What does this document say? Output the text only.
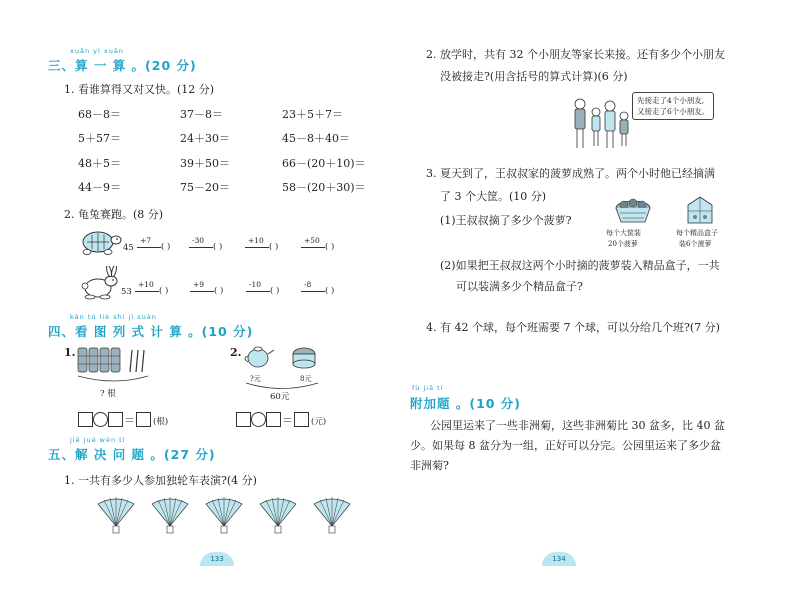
xuān yì xuān
三、算 一 算 。(20 分)
1. 看谁算得又对又快。(12 分)
68－8＝	37－8＝	23＋5＋7＝
5＋57＝	24＋30＝	45－8＋40＝
48＋5＝	39＋50＝	66－(20＋10)＝
44－9＝	75－20＝	58－(20＋30)＝
2. 龟兔赛跑。(8 分)
45
+7
( )
-30
( )
+10
( )
+50
( )
53
+10
( )
+9
( )
-10
( )
-8
( )
kàn tú liè shì jì suàn
四、看 图 列 式 计 算 。(10 分)
1.
? 根
2.
?元	8元
60元
＝ (根)	＝ (元)
jiě jué wèn tí
五、解 决 问 题 。(27 分)
1. 一共有多少人参加独轮车表演?(4 分)
133
2. 放学时，共有 32 个小朋友等家长来接。还有多少个小朋友
没被接走?(用含括号的算式计算)(6 分)
先接走了4个小朋友,
又接走了6个小朋友。
3. 夏天到了，王叔叔家的菠萝成熟了。两个小时他已经摘满
了 3 个大筐。(10 分)
(1)王叔叔摘了多少个菠萝?
每个大筐装
20个菠萝
每个精品盒子
装6个菠萝
(2)如果把王叔叔这两个小时摘的菠萝装入精品盒子，一共
可以装满多少个精品盒子?
4. 有 42 个球，每个班需要 7 个球，可以分给几个班?(7 分)
fù jiā tí
附加题 。(10 分)
公园里运来了一些非洲菊，这些非洲菊比 30 盆多，比 40 盆
少。如果每 8 盆分为一组，正好可以分完。公园里运来了多少盆
非洲菊?
134
